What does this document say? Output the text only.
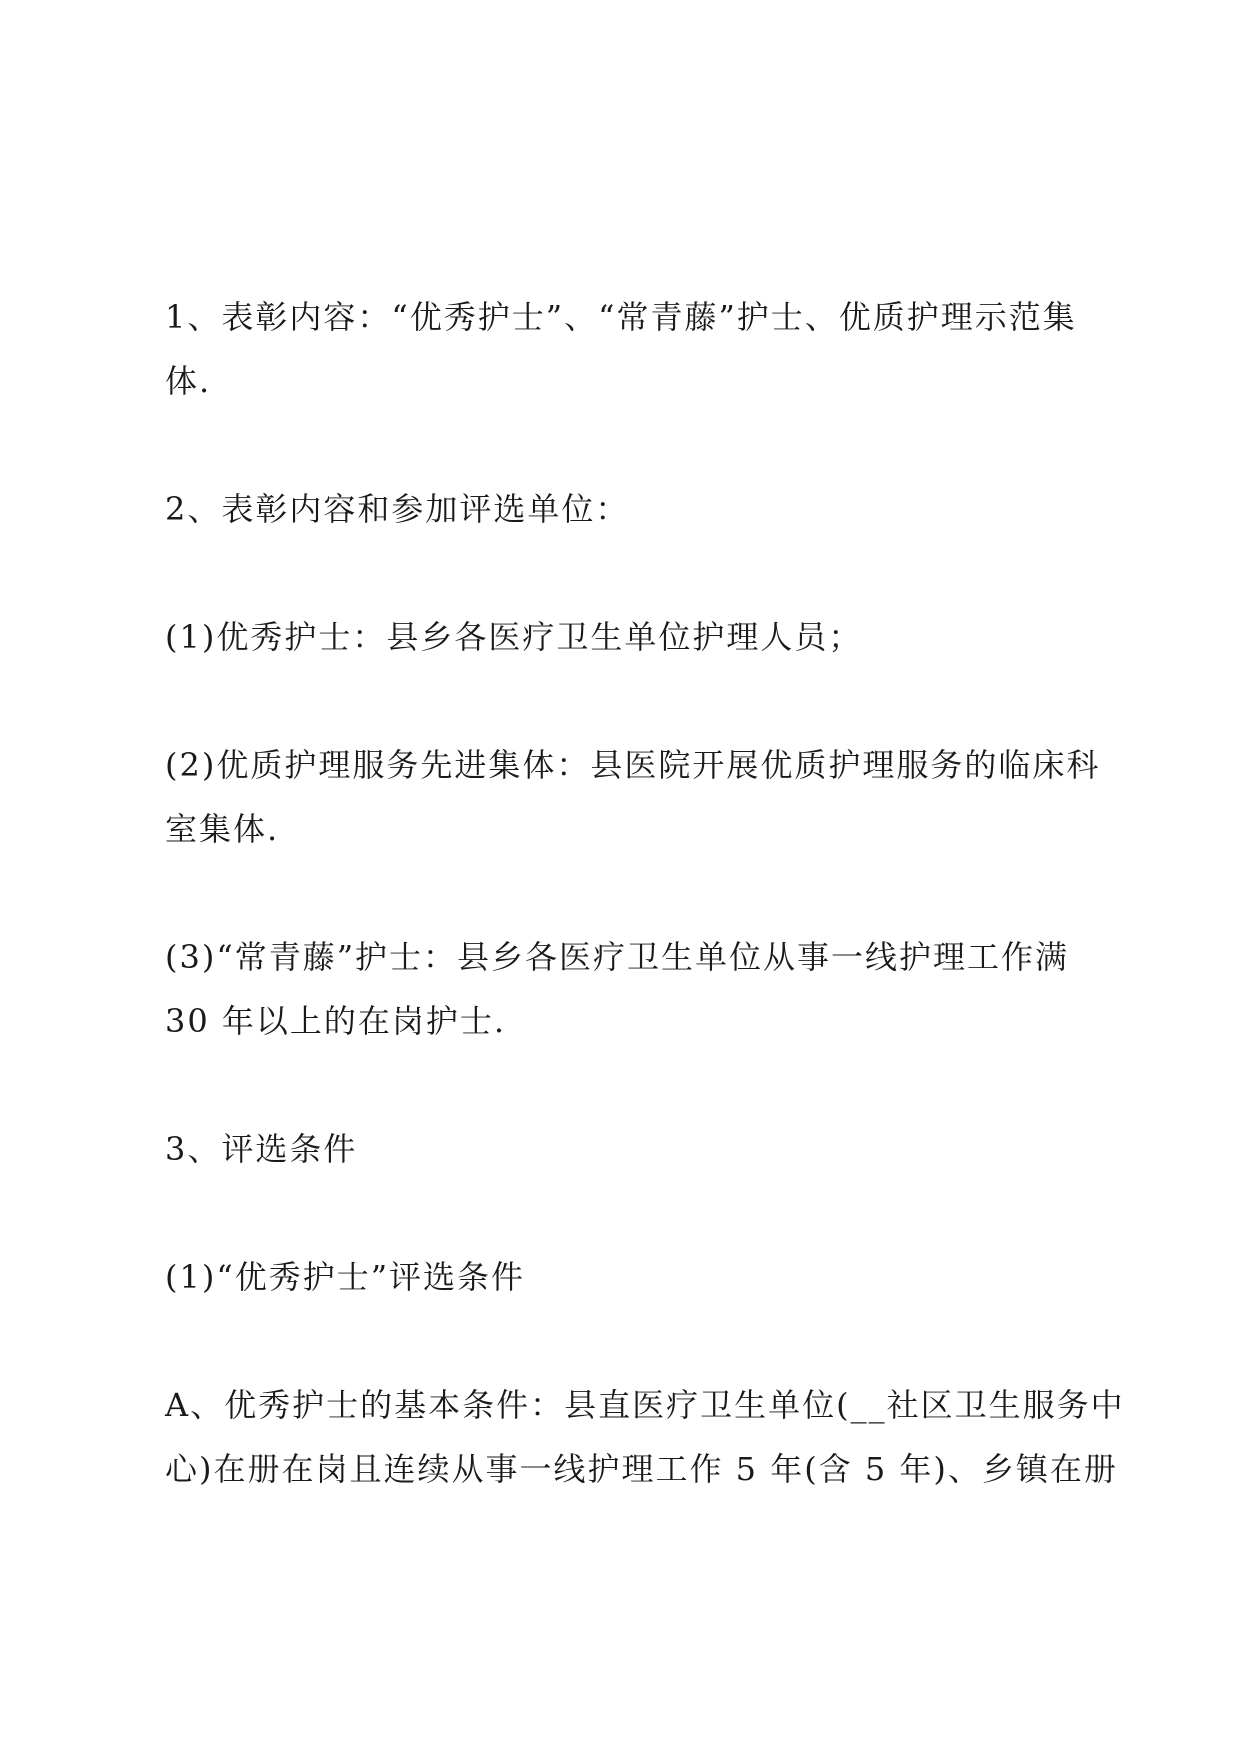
1、表彰内容：“优秀护士”、“常青藤”护士、优质护理示范集
体.
2、表彰内容和参加评选单位：
(1)优秀护士：县乡各医疗卫生单位护理人员；
(2)优质护理服务先进集体：县医院开展优质护理服务的临床科
室集体.
(3)“常青藤”护士：县乡各医疗卫生单位从事一线护理工作满
30 年以上的在岗护士.
3、评选条件
(1)“优秀护士”评选条件
A、优秀护士的基本条件：县直医疗卫生单位(__社区卫生服务中
心)在册在岗且连续从事一线护理工作 5 年(含 5 年)、乡镇在册
